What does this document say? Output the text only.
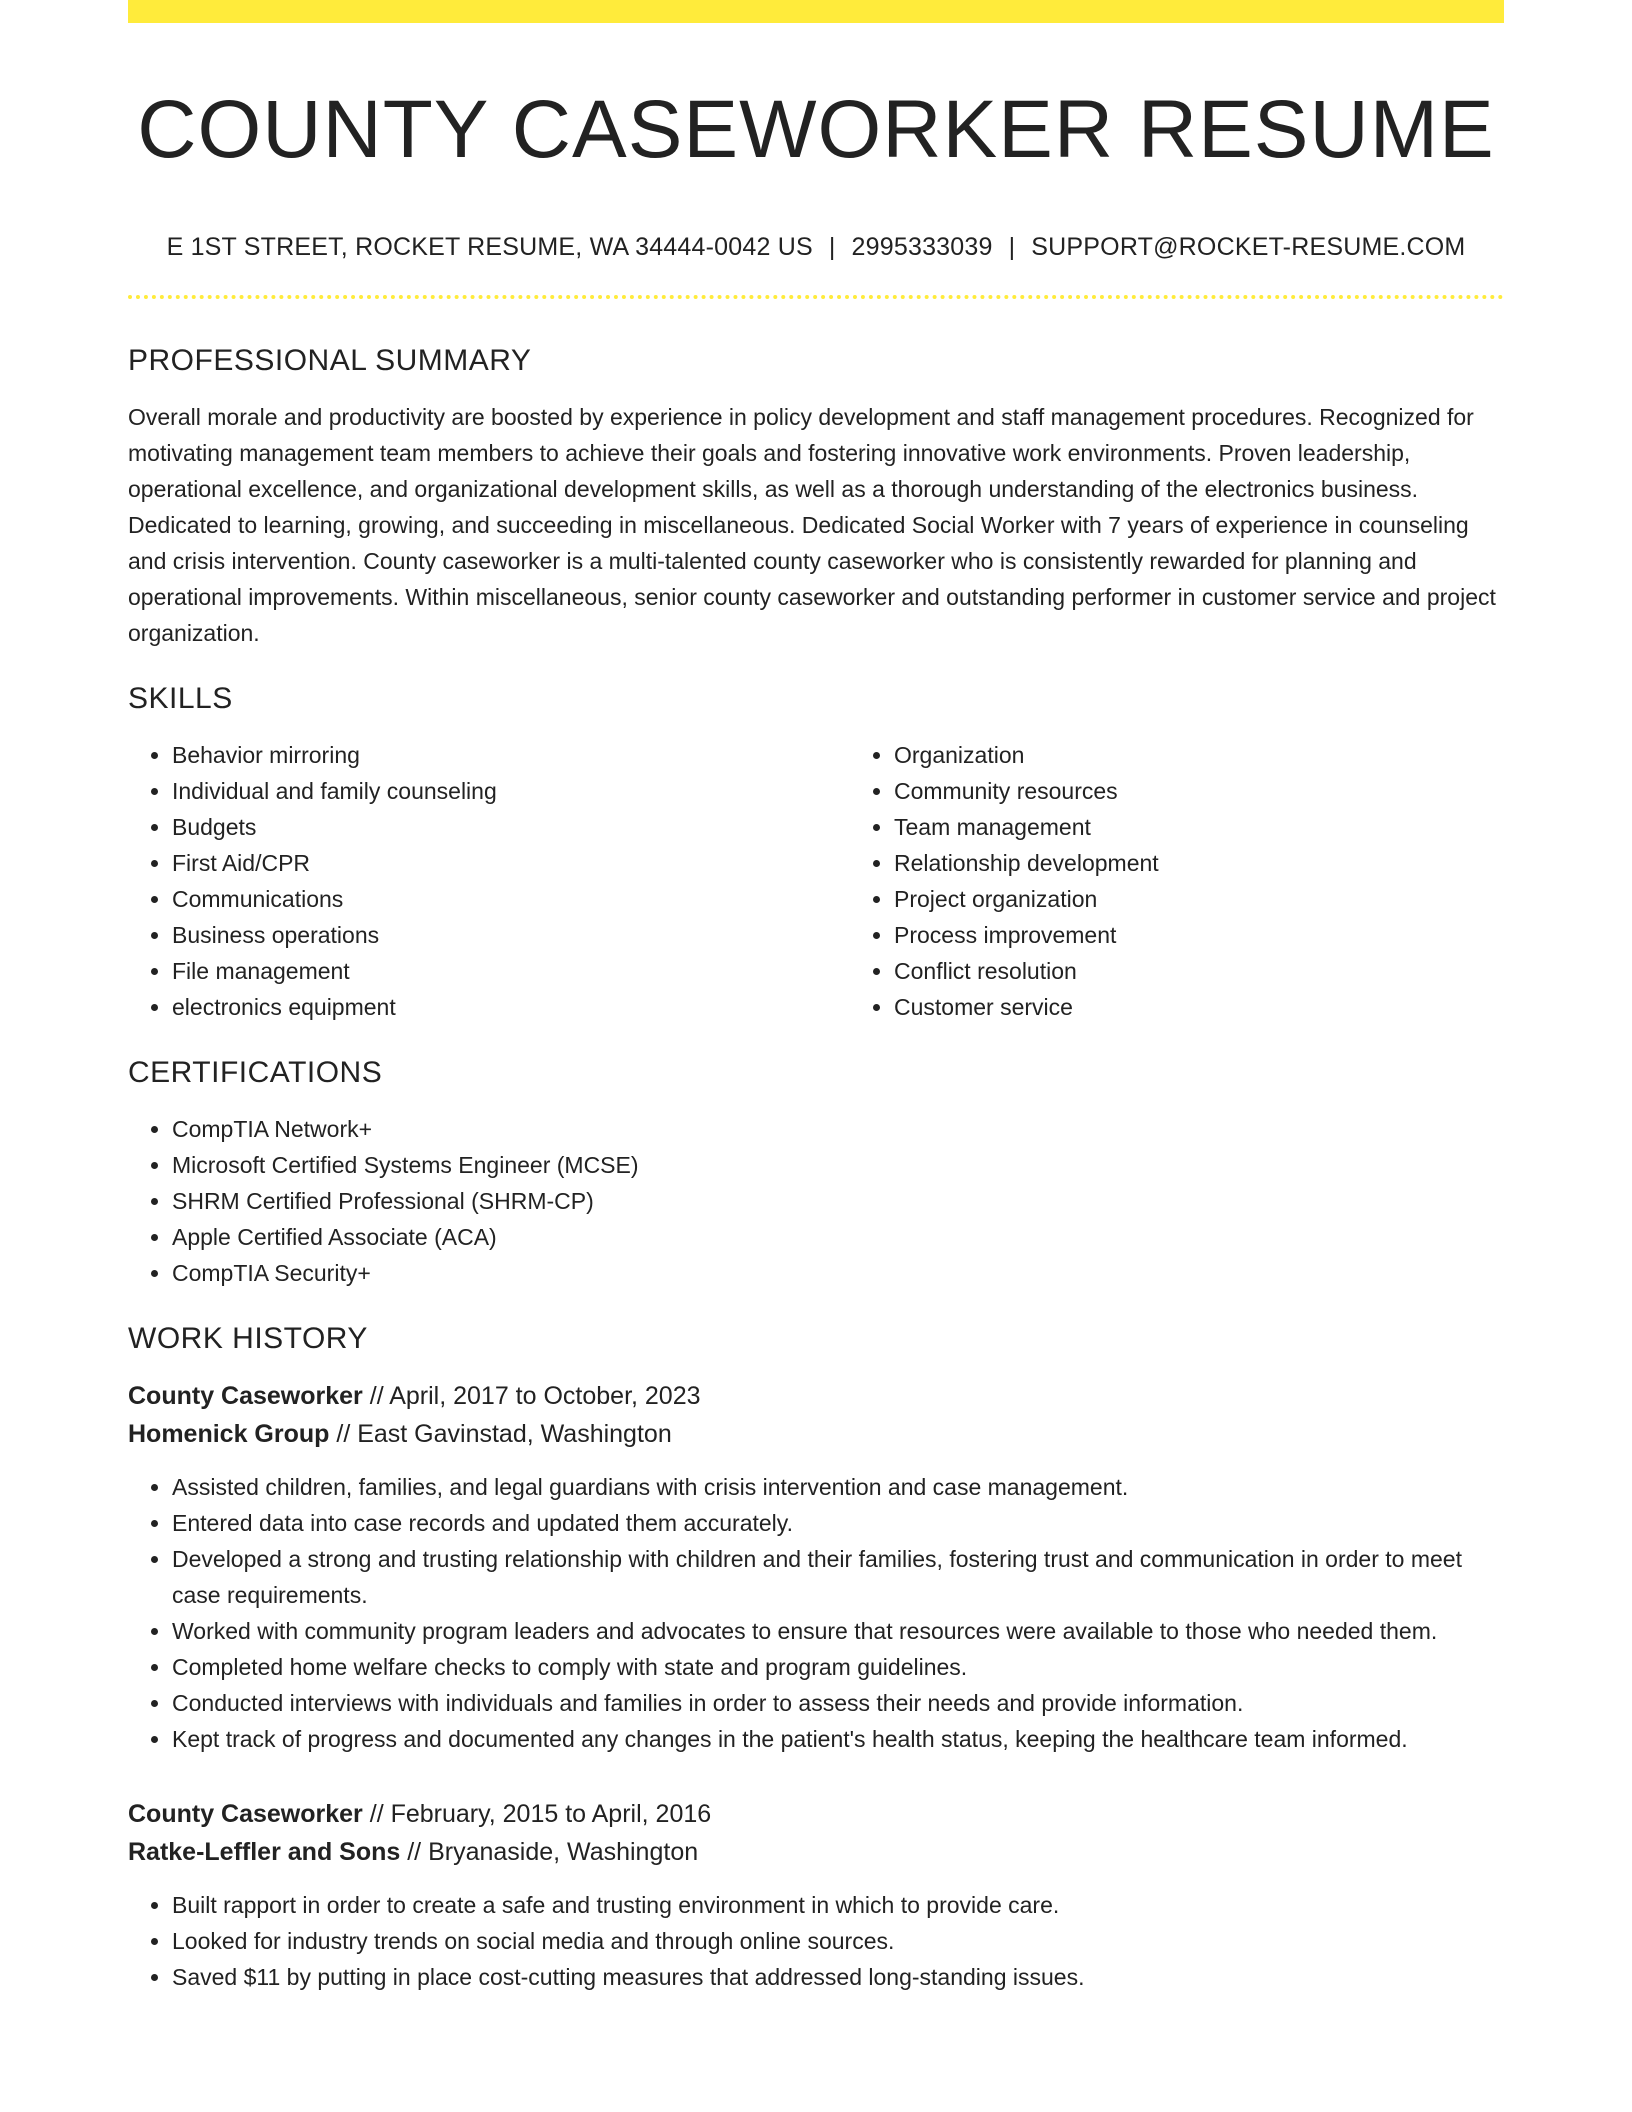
COUNTY CASEWORKER RESUME
E 1ST STREET, ROCKET RESUME, WA 34444-0042 US | 2995333039 | SUPPORT@ROCKET-RESUME.COM
PROFESSIONAL SUMMARY

Overall morale and productivity are boosted by experience in policy development and staff management procedures. Recognized for motivating management team members to achieve their goals and fostering innovative work environments. Proven leadership, operational excellence, and organizational development skills, as well as a thorough understanding of the electronics business. Dedicated to learning, growing, and succeeding in miscellaneous. Dedicated Social Worker with 7 years of experience in counseling and crisis intervention. County caseworker is a multi-talented county caseworker who is consistently rewarded for planning and operational improvements. Within miscellaneous, senior county caseworker and outstanding performer in customer service and project organization.

SKILLS
• Behavior mirroring
• Individual and family counseling
• Budgets
• First Aid/CPR
• Communications
• Business operations
• File management
• electronics equipment
• Organization
• Community resources
• Team management
• Relationship development
• Project organization
• Process improvement
• Conflict resolution
• Customer service
CERTIFICATIONS
• CompTIA Network+
• Microsoft Certified Systems Engineer (MCSE)
• SHRM Certified Professional (SHRM-CP)
• Apple Certified Associate (ACA)
• CompTIA Security+
WORK HISTORY
County Caseworker // April, 2017 to October, 2023
Homenick Group // East Gavinstad, Washington
• Assisted children, families, and legal guardians with crisis intervention and case management.
• Entered data into case records and updated them accurately.
• Developed a strong and trusting relationship with children and their families, fostering trust and communication in order to meet case requirements.
• Worked with community program leaders and advocates to ensure that resources were available to those who needed them.
• Completed home welfare checks to comply with state and program guidelines.
• Conducted interviews with individuals and families in order to assess their needs and provide information.
• Kept track of progress and documented any changes in the patient's health status, keeping the healthcare team informed.
County Caseworker // February, 2015 to April, 2016
Ratke-Leffler and Sons // Bryanaside, Washington
• Built rapport in order to create a safe and trusting environment in which to provide care.
• Looked for industry trends on social media and through online sources.
• Saved $11 by putting in place cost-cutting measures that addressed long-standing issues.
